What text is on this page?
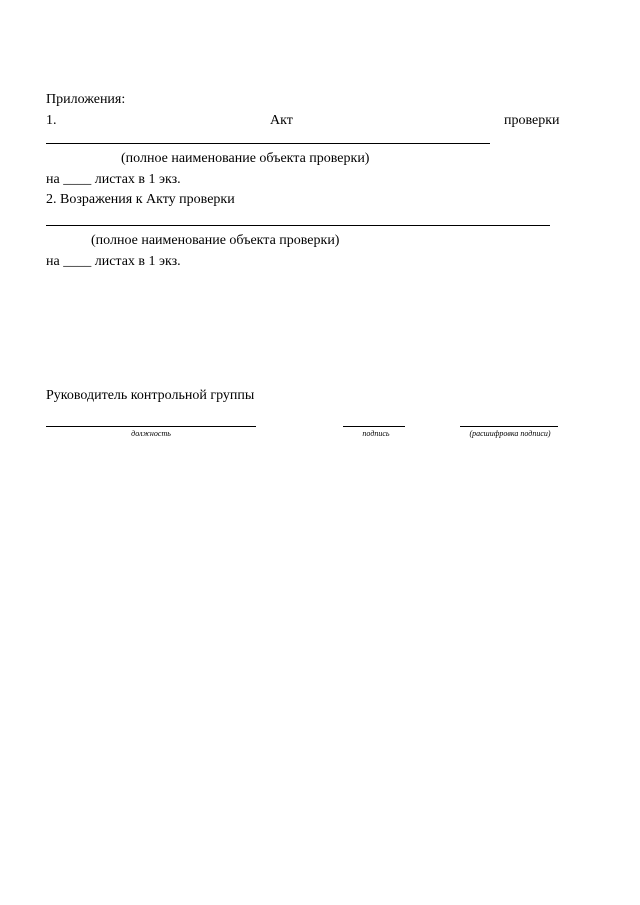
Приложения:
1.	Акт	проверки
(полное наименование объекта проверки)
на ____ листах в 1 экз.
2. Возражения к Акту проверки
(полное наименование объекта проверки)
на ____ листах в 1 экз.
Руководитель контрольной группы
должность	подпись	(расшифровка подписи)
